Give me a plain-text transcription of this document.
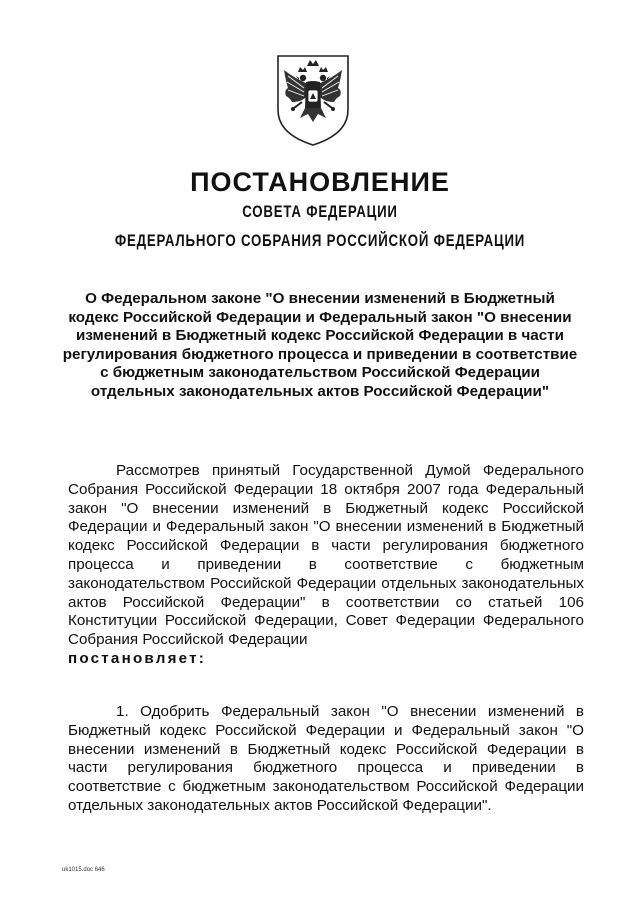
ПОСТАНОВЛЕНИЕ
СОВЕТА ФЕДЕРАЦИИ
ФЕДЕРАЛЬНОГО СОБРАНИЯ РОССИЙСКОЙ ФЕДЕРАЦИИ
О Федеральном законе "О внесении изменений в Бюджетный кодекс Российской Федерации и Федеральный закон "О внесении изменений в Бюджетный кодекс Российской Федерации в части регулирования бюджетного процесса и приведении в соответствие с бюджетным законодательством Российской Федерации отдельных законодательных актов Российской Федерации"
Рассмотрев принятый Государственной Думой Федерального Собрания Российской Федерации 18 октября 2007 года Федеральный закон "О внесении изменений в Бюджетный кодекс Российской Федерации и Федеральный закон "О внесении изменений в Бюджетный кодекс Российской Федерации в части регулирования бюджетного процесса и приведении в соответствие с бюджетным законодательством Российской Федерации отдельных законодательных актов Российской Федерации" в соответствии со статьей 106 Конституции Российской Федерации, Совет Федерации Федерального Собрания Российской Федерации
постановляет:
1. Одобрить Федеральный закон "О внесении изменений в Бюджетный кодекс Российской Федерации и Федеральный закон "О внесении изменений в Бюджетный кодекс Российской Федерации в части регулирования бюджетного процесса и приведении в соответствие с бюджетным законодательством Российской Федерации отдельных законодательных актов Российской Федерации".
uk1015.doc 646
